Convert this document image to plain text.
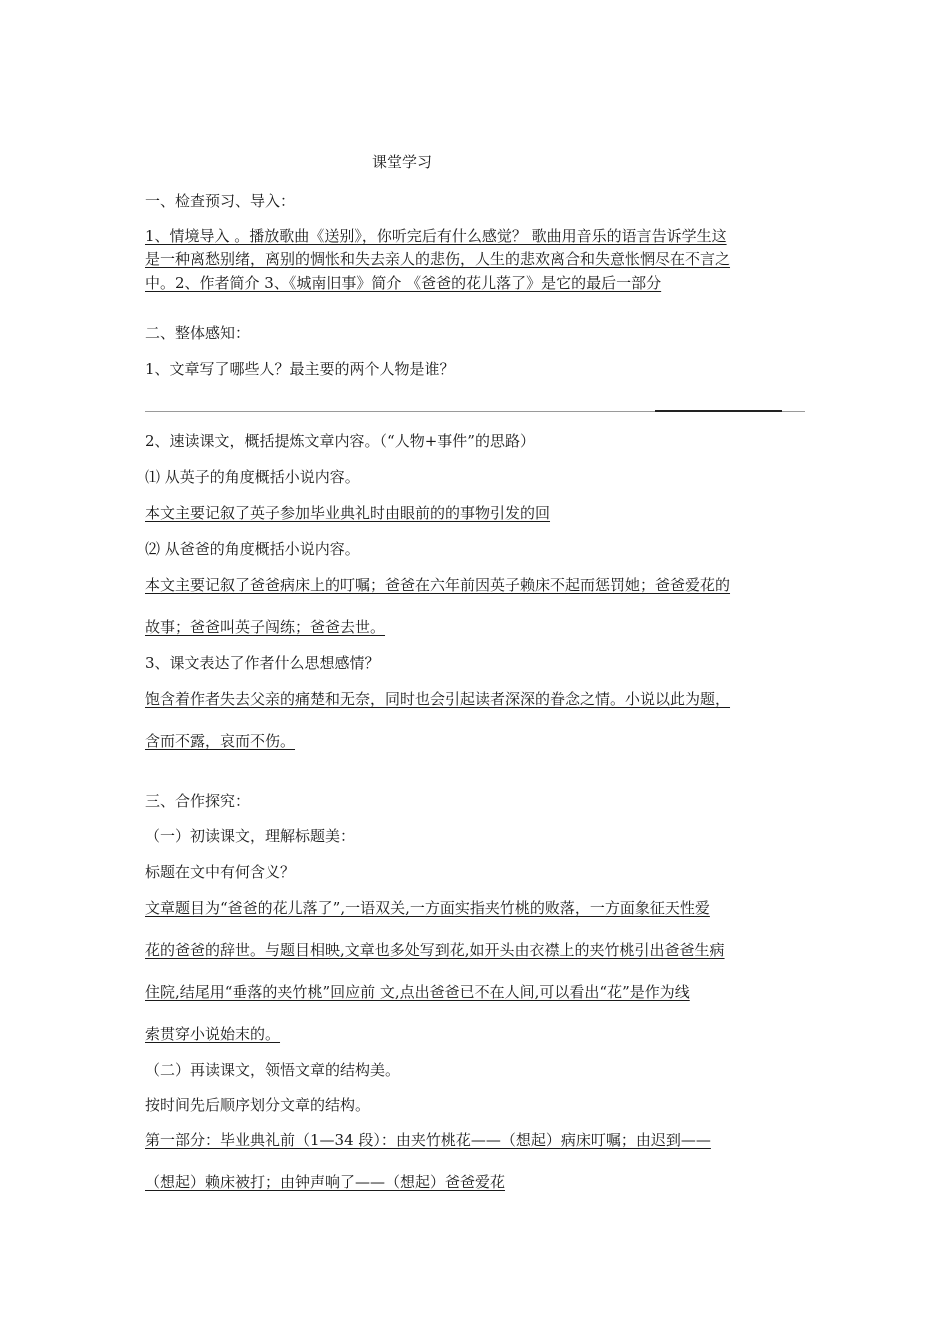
课堂学习
一、检查预习、导入：
1、情境导入 。播放歌曲《送别》，你听完后有什么感觉？ 歌曲用音乐的语言告诉学生这
是一种离愁别绪，离别的惆怅和失去亲人的悲伤，人生的悲欢离合和失意怅惘尽在不言之
中。2、作者简介 3、《城南旧事》简介 《爸爸的花儿落了》是它的最后一部分
二、整体感知：
1、文章写了哪些人？最主要的两个人物是谁？
2、速读课文，概括提炼文章内容。（“人物+事件”的思路）
⑴ 从英子的角度概括小说内容。
本文主要记叙了英子参加毕业典礼时由眼前的的事物引发的回
⑵ 从爸爸的角度概括小说内容。
本文主要记叙了爸爸病床上的叮嘱；爸爸在六年前因英子赖床不起而惩罚她；爸爸爱花的
故事；爸爸叫英子闯练；爸爸去世。
3、课文表达了作者什么思想感情？
饱含着作者失去父亲的痛楚和无奈，同时也会引起读者深深的眷念之情。小说以此为题，
含而不露，哀而不伤。
三、合作探究：
（一）初读课文，理解标题美：
标题在文中有何含义？
文章题目为“爸爸的花儿落了”,一语双关,一方面实指夹竹桃的败落，一方面象征天性爱
花的爸爸的辞世。与题目相映,文章也多处写到花,如开头由衣襟上的夹竹桃引出爸爸生病
住院,结尾用“垂落的夹竹桃”回应前 文,点出爸爸已不在人间,可以看出“花”是作为线
索贯穿小说始末的。
（二）再读课文，领悟文章的结构美。
按时间先后顺序划分文章的结构。
第一部分：毕业典礼前（1—34 段）：由夹竹桃花——（想起）病床叮嘱；由迟到——
（想起）赖床被打；由钟声响了——（想起）爸爸爱花
